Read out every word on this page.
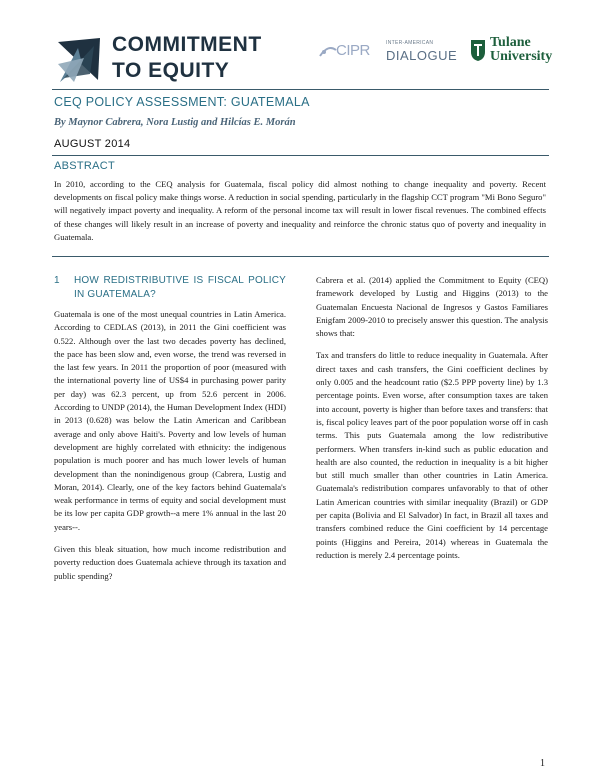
COMMITMENT
TO EQUITY
CIPR	INTER-AMERICAN
DIALOGUE
Tulane
University
CEQ POLICY ASSESSMENT: GUATEMALA
By Maynor Cabrera, Nora Lustig and Hilcías E. Morán
AUGUST 2014
ABSTRACT
In 2010, according to the CEQ analysis for Guatemala, fiscal policy did almost nothing to change inequality and poverty. Recent developments on fiscal policy make things worse. A reduction in social spending, particularly in the flagship CCT program "Mi Bono Seguro" will negatively impact poverty and inequality. A reform of the personal income tax will result in lower fiscal revenues. The combined effects of these changes will likely result in an increase of poverty and inequality and reinforce the chronic status quo of poverty and inequality in Guatemala.
1	HOW REDISTRIBUTIVE IS FISCAL POLICY IN GUATEMALA?

Guatemala is one of the most unequal countries in Latin America. According to CEDLAS (2013), in 2011 the Gini coefficient was 0.522. Although over the last two decades poverty has declined, the pace has been slow and, even worse, the trend was reversed in the last few years. In 2011 the proportion of poor (measured with the international poverty line of US$4 in purchasing power parity per day) was 62.3 percent, up from 52.6 percent in 2006. According to UNDP (2014), the Human Development Index (HDI) in 2013 (0.628) was below the Latin American and Caribbean average and only above Haiti's. Poverty and low levels of human development are highly correlated with ethnicity: the indigenous population is much poorer and has much lower levels of human development than the nonindigenous group (Cabrera, Lustig and Moran, 2014). Clearly, one of the key factors behind Guatemala's weak performance in terms of equity and social development must be its low per capita GDP growth--a mere 1% annual in the last 20 years--.

Given this bleak situation, how much income redistribution and poverty reduction does Guatemala achieve through its taxation and public spending?

Cabrera et al. (2014) applied the Commitment to Equity (CEQ) framework developed by Lustig and Higgins (2013) to the Guatemalan Encuesta Nacional de Ingresos y Gastos Familiares Enigfam 2009-2010 to precisely answer this question. The analysis shows that:

Tax and transfers do little to reduce inequality in Guatemala. After direct taxes and cash transfers, the Gini coefficient declines by only 0.005 and the headcount ratio ($2.5 PPP poverty line) by 1.3 percentage points. Even worse, after consumption taxes are taken into account, poverty is higher than before taxes and transfers: that is, fiscal policy leaves part of the poor population worse off in cash terms. This puts Guatemala among the low redistributive performers. When transfers in-kind such as public education and health are also counted, the reduction in inequality is a bit higher but still much smaller than other countries in Latin America. Guatemala's redistribution compares unfavorably to that of other Latin American countries with similar inequality (Brazil) or GDP per capita (Bolivia and El Salvador) In fact, in Brazil all taxes and transfers combined reduce the Gini coefficient by 14 percentage points (Higgins and Pereira, 2014) whereas in Guatemala the reduction is merely 2.4 percentage points.

1
